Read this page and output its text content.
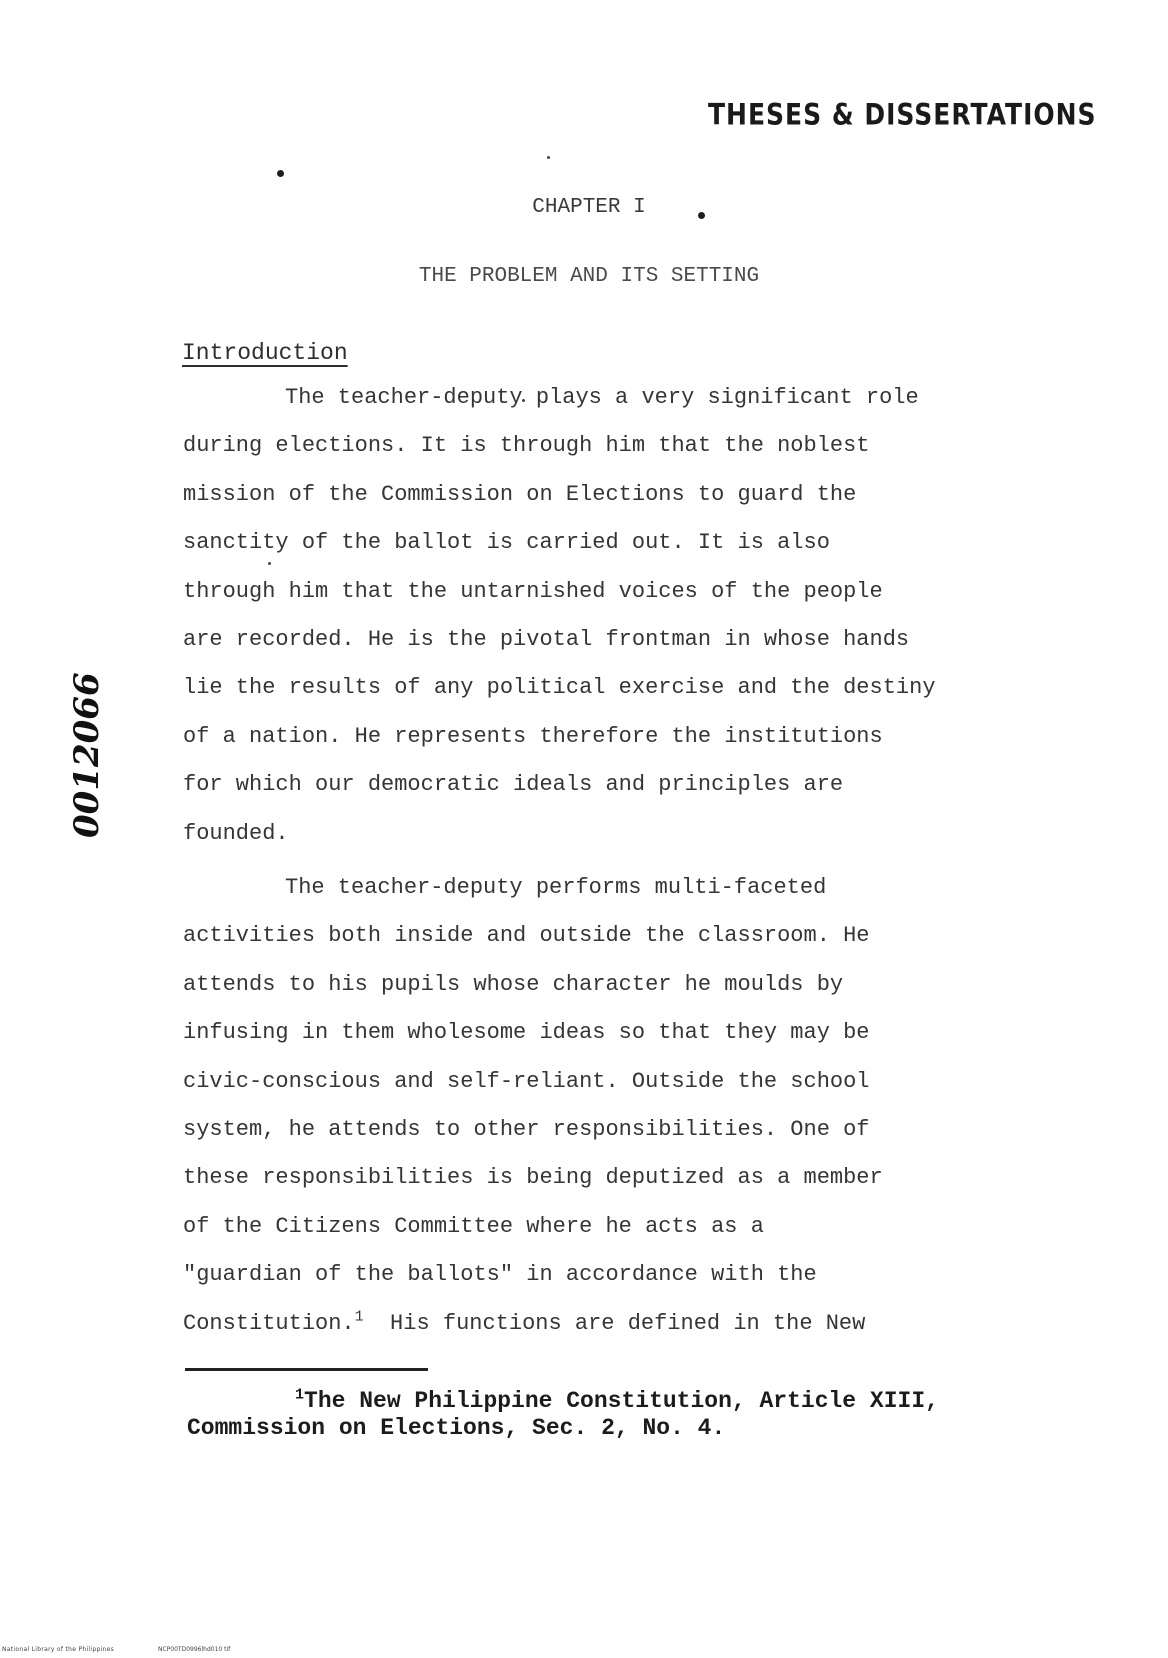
THESES & DISSERTATIONS
CHAPTER I
THE PROBLEM AND ITS SETTING
Introduction
The teacher-deputy plays a very significant role
during elections. It is through him that the noblest
mission of the Commission on Elections to guard the
sanctity of the ballot is carried out. It is also
through him that the untarnished voices of the people
are recorded. He is the pivotal frontman in whose hands
lie the results of any political exercise and the destiny
of a nation. He represents therefore the institutions
for which our democratic ideals and principles are
founded.
The teacher-deputy performs multi-faceted
activities both inside and outside the classroom. He
attends to his pupils whose character he moulds by
infusing in them wholesome ideas so that they may be
civic-conscious and self-reliant. Outside the school
system, he attends to other responsibilities. One of
these responsibilities is being deputized as a member
of the Citizens Committee where he acts as a
"guardian of the ballots" in accordance with the
Constitution.$^1$  His functions are defined in the New
$^1$The New Philippine Constitution, Article XIII,
Commission on Elections, Sec. 2, No. 4.
0012066
National Library of the Philippines	NCP00TD0996lhd010 tif
